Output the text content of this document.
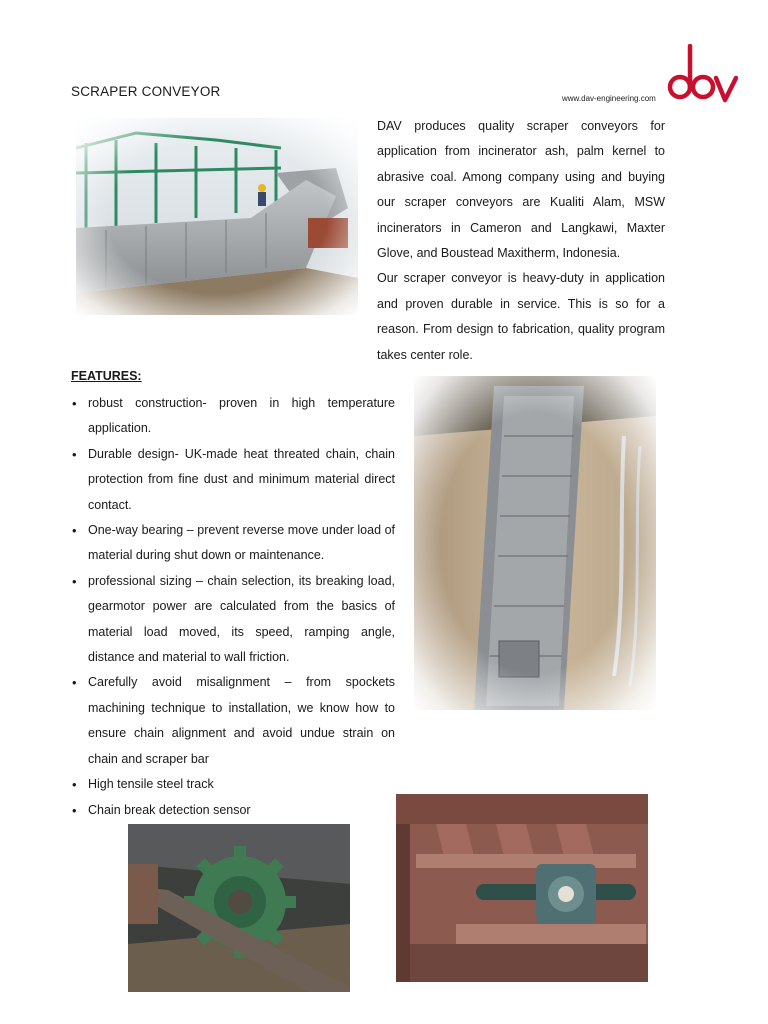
SCRAPER CONVEYOR	www.dav-engineering.com

DAV produces quality scraper conveyors for application from incinerator ash, palm kernel to abrasive coal. Among company using and buying our scraper conveyors are Kualiti Alam, MSW incinerators in Cameron and Langkawi, Maxter Glove, and Boustead Maxitherm, Indonesia.

Our scraper conveyor is heavy-duty in application and proven durable in service. This is so for a reason. From design to fabrication, quality program takes center role.

FEATURES:
• robust construction- proven in high temperature application.
• Durable design- UK-made heat threated chain, chain protection from fine dust and minimum material direct contact.
• One-way bearing – prevent reverse move under load of material during shut down or maintenance.
• professional sizing – chain selection, its breaking load, gearmotor power are calculated from the basics of material load moved, its speed, ramping angle, distance and material to wall friction.
• Carefully avoid misalignment – from spockets machining technique to installation, we know how to ensure chain alignment and avoid undue strain on chain and scraper bar
• High tensile steel track
• Chain break detection sensor
